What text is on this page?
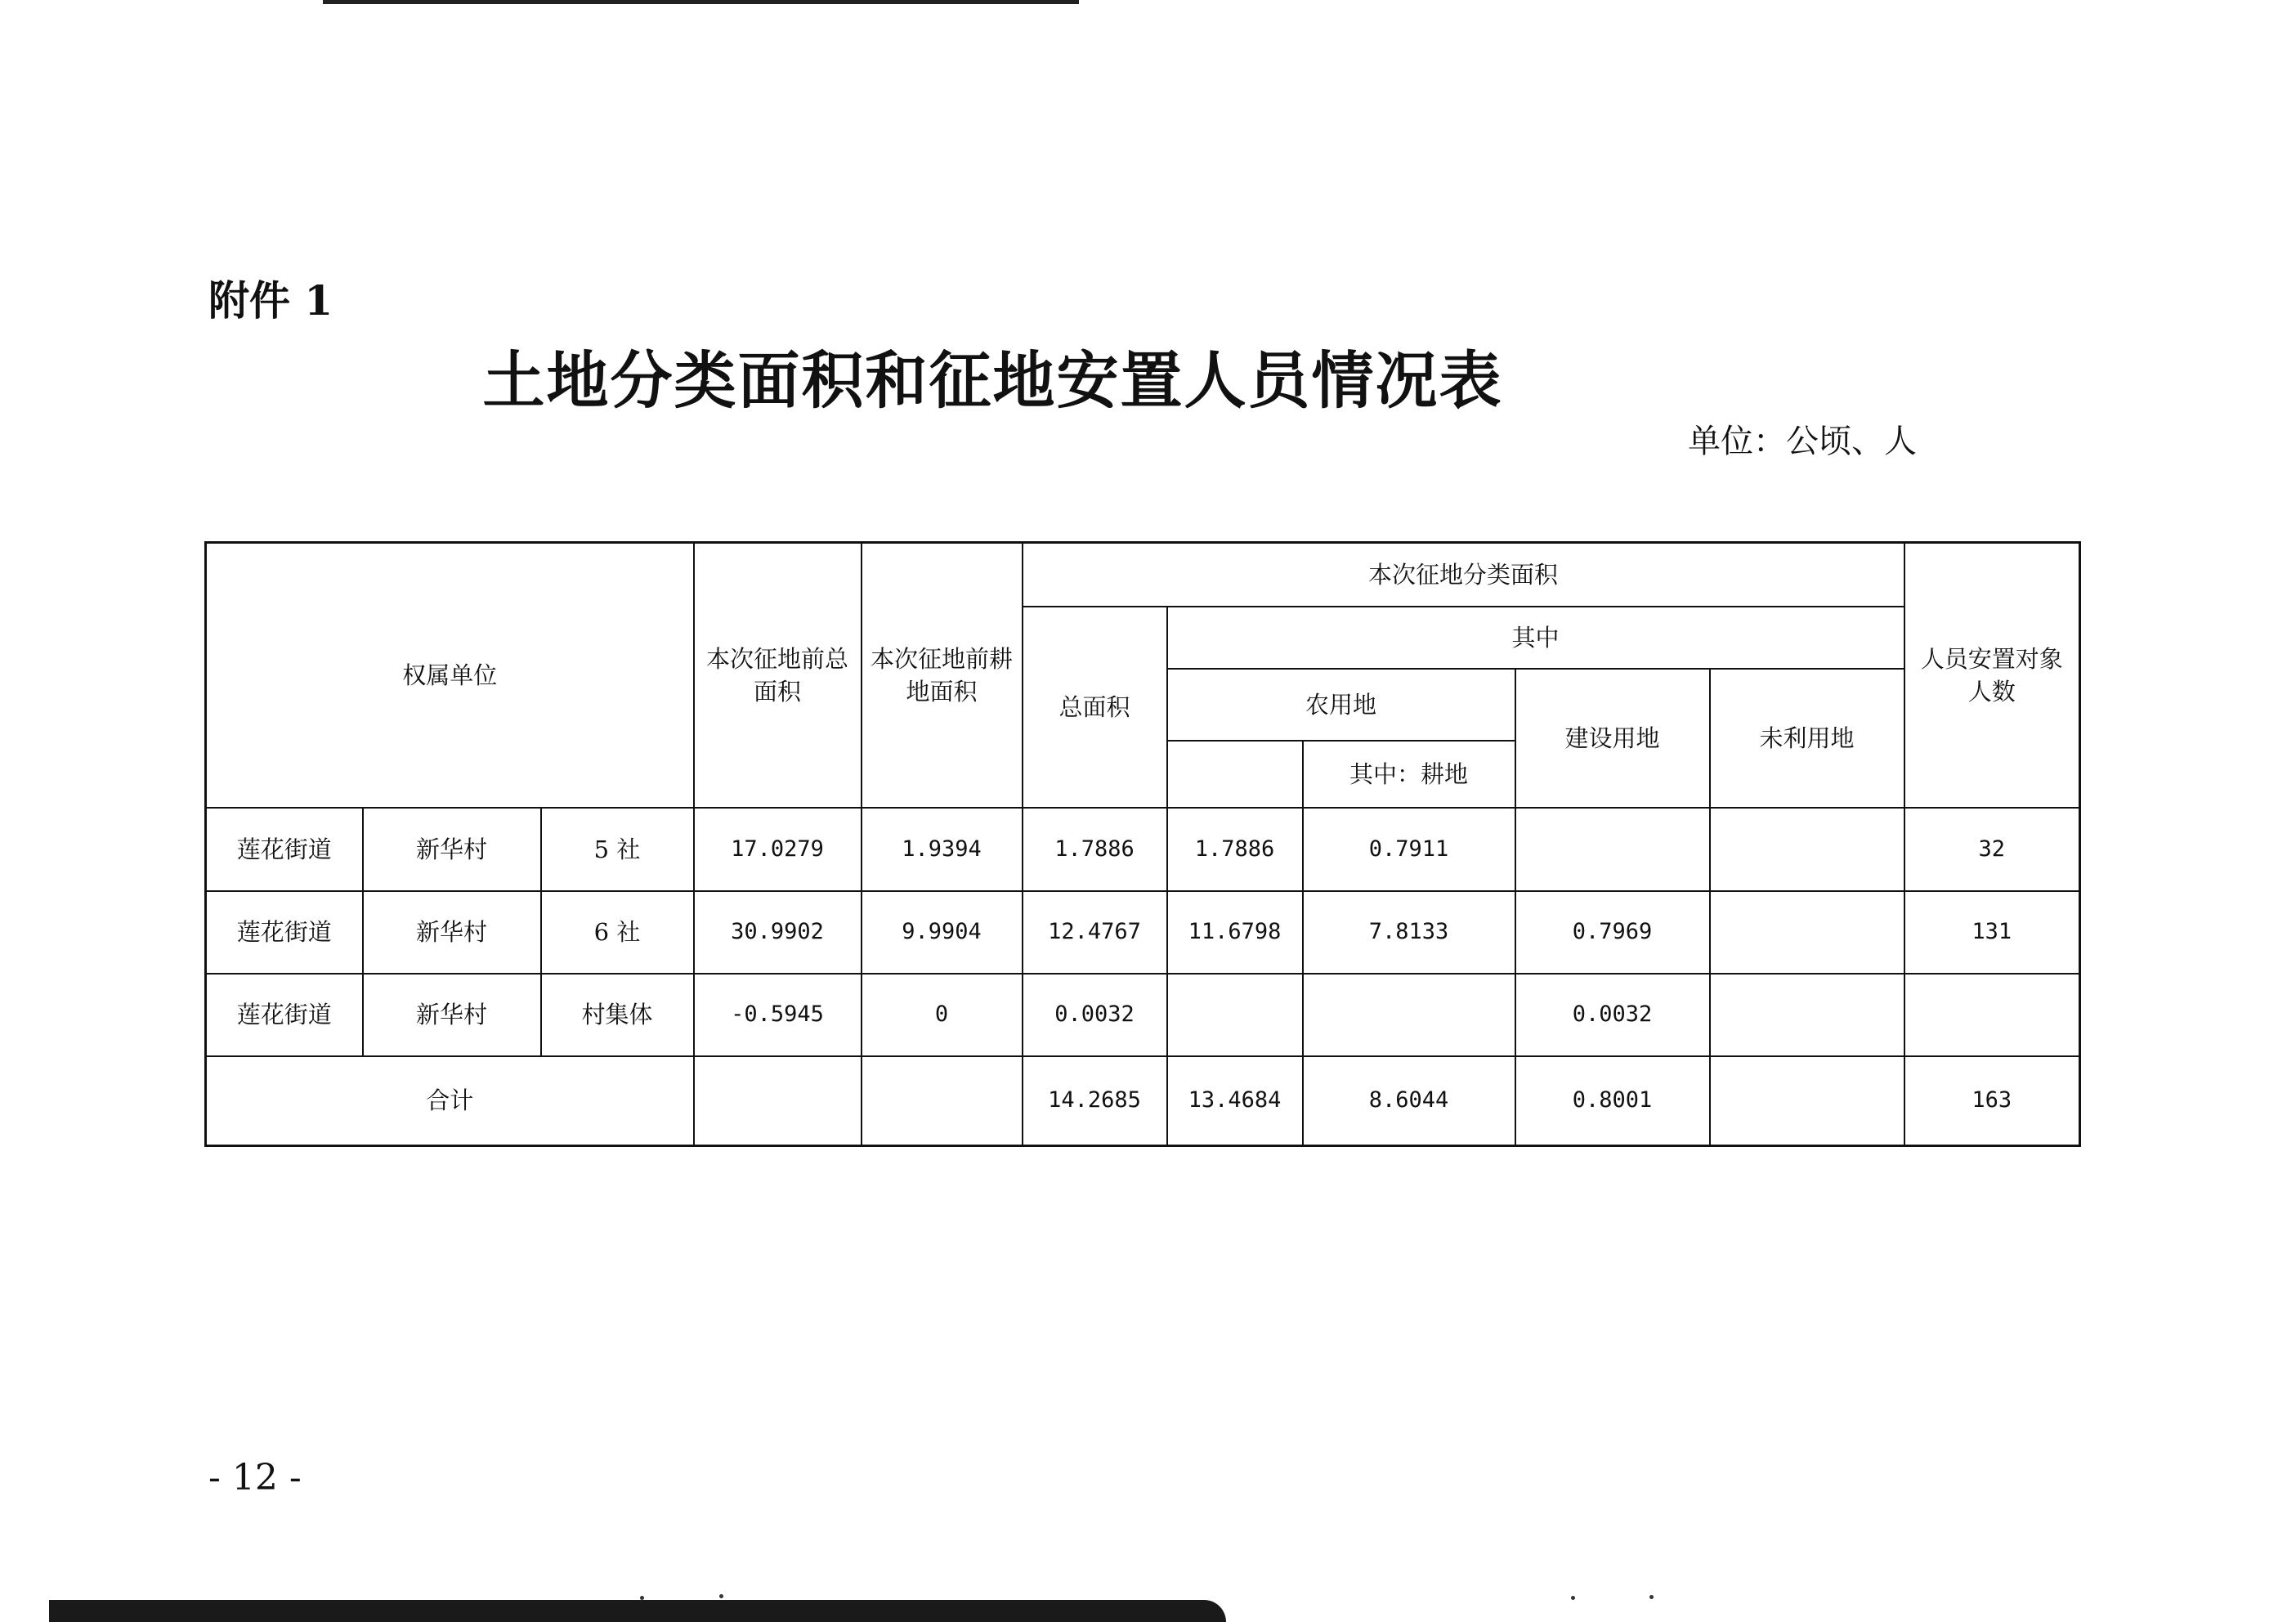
附件 1
土地分类面积和征地安置人员情况表
单位：公顷、人
权属单位			本次征地前总面积	本次征地前耕地面积	本次征地分类面积					人员安置对象人数
					总面积	其中				
						农用地		建设用地	未利用地	
							其中：耕地			
莲花街道	新华村	5 社	17.0279	1.9394	1.7886	1.7886	0.7911			32
莲花街道	新华村	6 社	30.9902	9.9904	12.4767	11.6798	7.8133	0.7969		131
莲花街道	新华村	村集体	-0.5945	0	0.0032			0.0032		
合计					14.2685	13.4684	8.6044	0.8001		163
- 12 -
